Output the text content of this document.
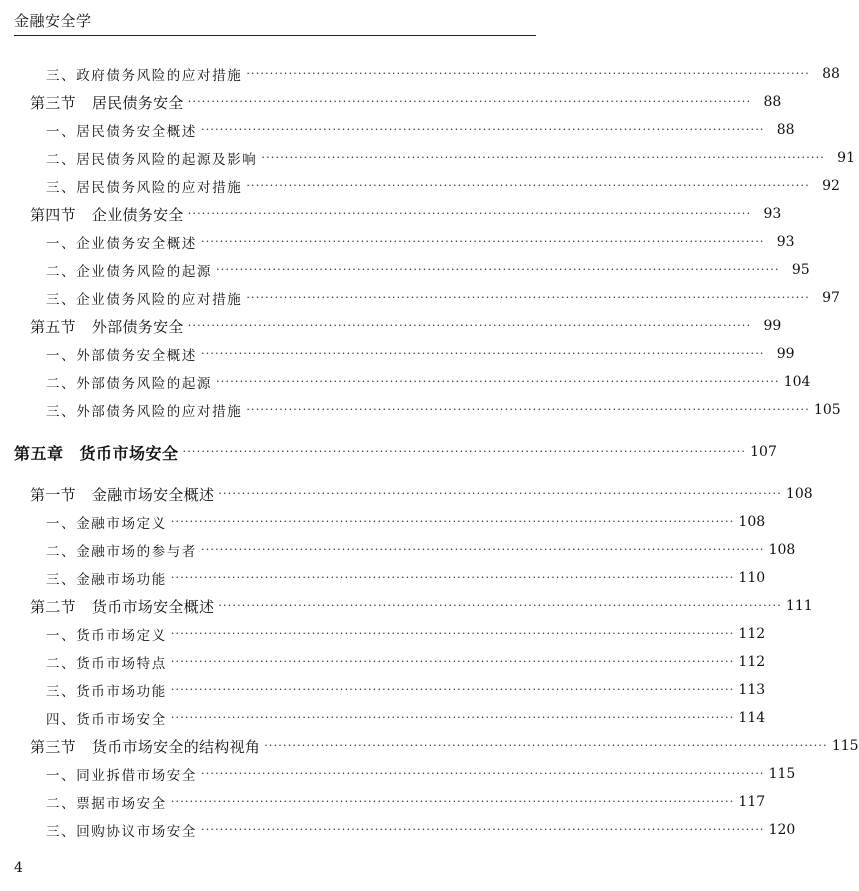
金融安全学
三、政府债务风险的应对措施 ························································································································ 88
第三节 居民债务安全 ························································································································ 88
一、居民债务安全概述 ························································································································ 88
二、居民债务风险的起源及影响 ························································································································ 91
三、居民债务风险的应对措施 ························································································································ 92
第四节 企业债务安全 ························································································································ 93
一、企业债务安全概述 ························································································································ 93
二、企业债务风险的起源 ························································································································ 95
三、企业债务风险的应对措施 ························································································································ 97
第五节 外部债务安全 ························································································································ 99
一、外部债务安全概述 ························································································································ 99
二、外部债务风险的起源 ························································································································ 104
三、外部债务风险的应对措施 ························································································································ 105
第五章 货币市场安全 ························································································································ 107
第一节 金融市场安全概述 ························································································································ 108
一、金融市场定义 ························································································································ 108
二、金融市场的参与者 ························································································································ 108
三、金融市场功能 ························································································································ 110
第二节 货币市场安全概述 ························································································································ 111
一、货币市场定义 ························································································································ 112
二、货币市场特点 ························································································································ 112
三、货币市场功能 ························································································································ 113
四、货币市场安全 ························································································································ 114
第三节 货币市场安全的结构视角 ························································································································ 115
一、同业拆借市场安全 ························································································································ 115
二、票据市场安全 ························································································································ 117
三、回购协议市场安全 ························································································································ 120
4
